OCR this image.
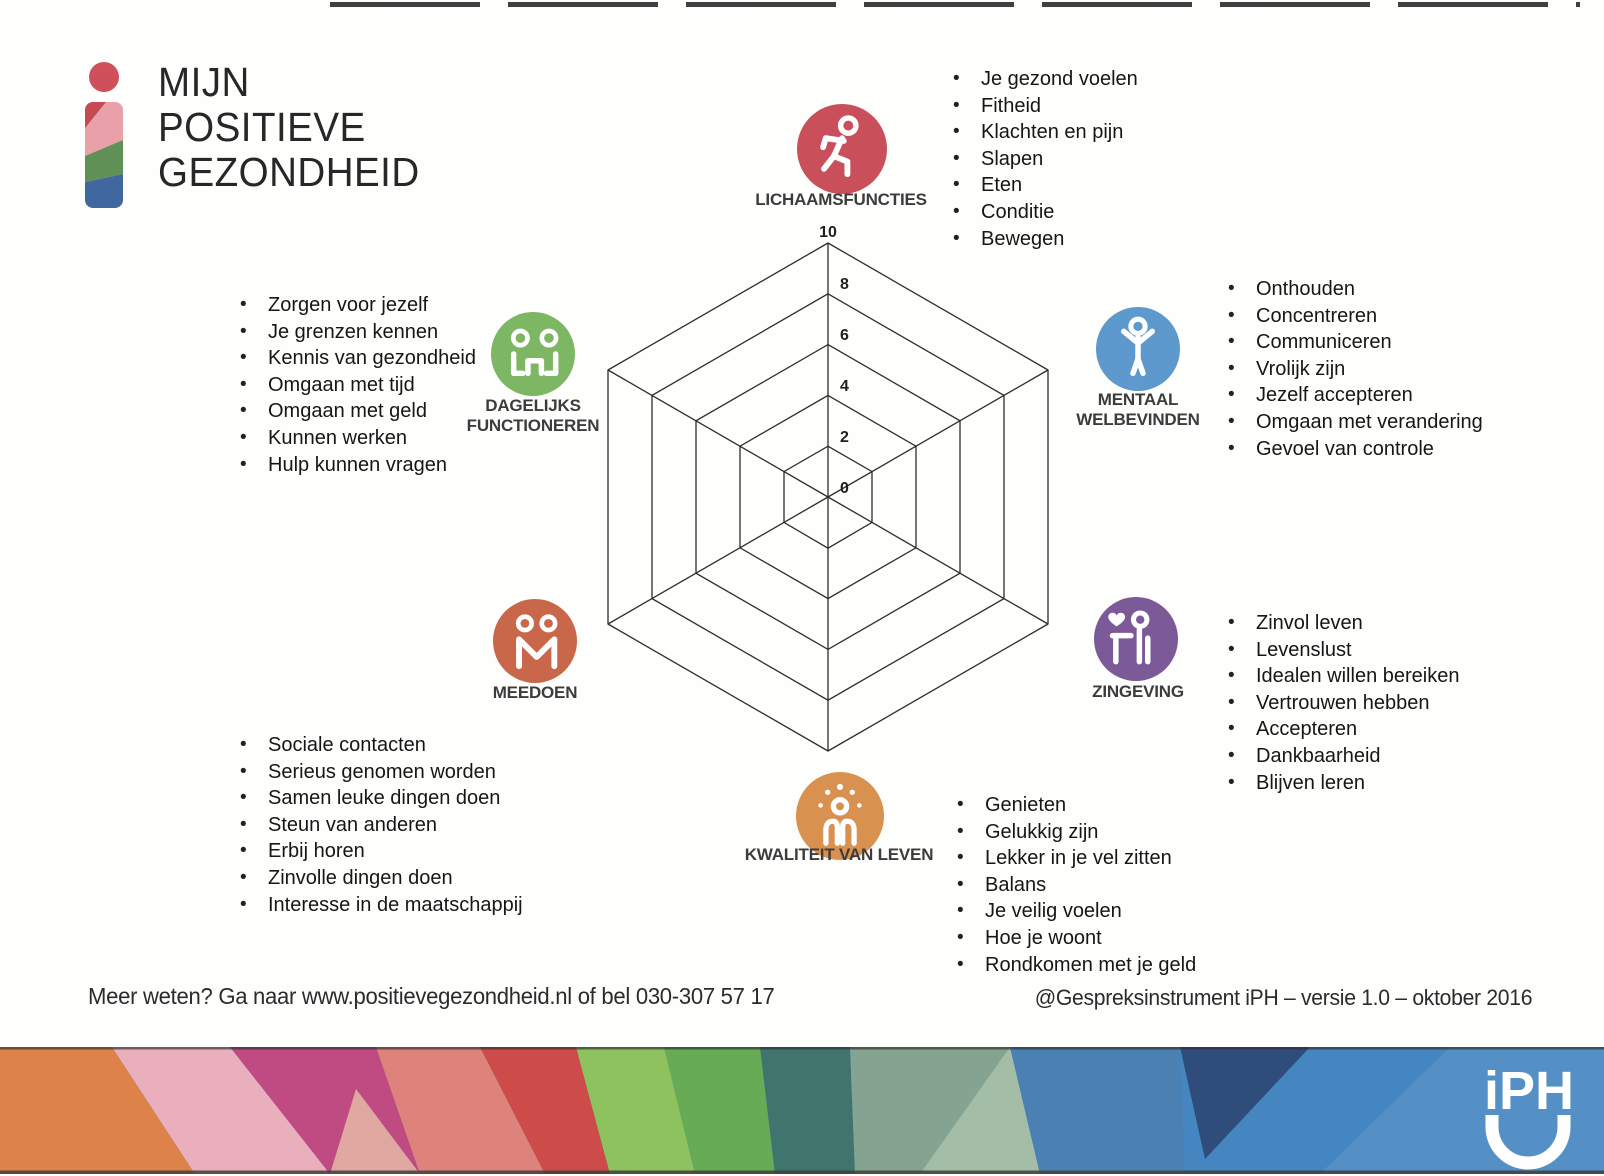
MIJN
POSITIEVE
GEZONDHEID
10
8
6
4
2
0
LICHAAMSFUNCTIES
• Je gezond voelen
• Fitheid
• Klachten en pijn
• Slapen
• Eten
• Conditie
• Bewegen
MENTAAL
WELBEVINDEN
• Onthouden
• Concentreren
• Communiceren
• Vrolijk zijn
• Jezelf accepteren
• Omgaan met verandering
• Gevoel van controle
ZINGEVING
• Zinvol leven
• Levenslust
• Idealen willen bereiken
• Vertrouwen hebben
• Accepteren
• Dankbaarheid
• Blijven leren
KWALITEIT VAN LEVEN
• Genieten
• Gelukkig zijn
• Lekker in je vel zitten
• Balans
• Je veilig voelen
• Hoe je woont
• Rondkomen met je geld
MEEDOEN
• Sociale contacten
• Serieus genomen worden
• Samen leuke dingen doen
• Steun van anderen
• Erbij horen
• Zinvolle dingen doen
• Interesse in de maatschappij
DAGELIJKS
FUNCTIONEREN
• Zorgen voor jezelf
• Je grenzen kennen
• Kennis van gezondheid
• Omgaan met tijd
• Omgaan met geld
• Kunnen werken
• Hulp kunnen vragen
Meer weten? Ga naar www.positievegezondheid.nl of bel 030-307 57 17	@Gespreksinstrument iPH – versie 1.0 – oktober 2016
iPH
